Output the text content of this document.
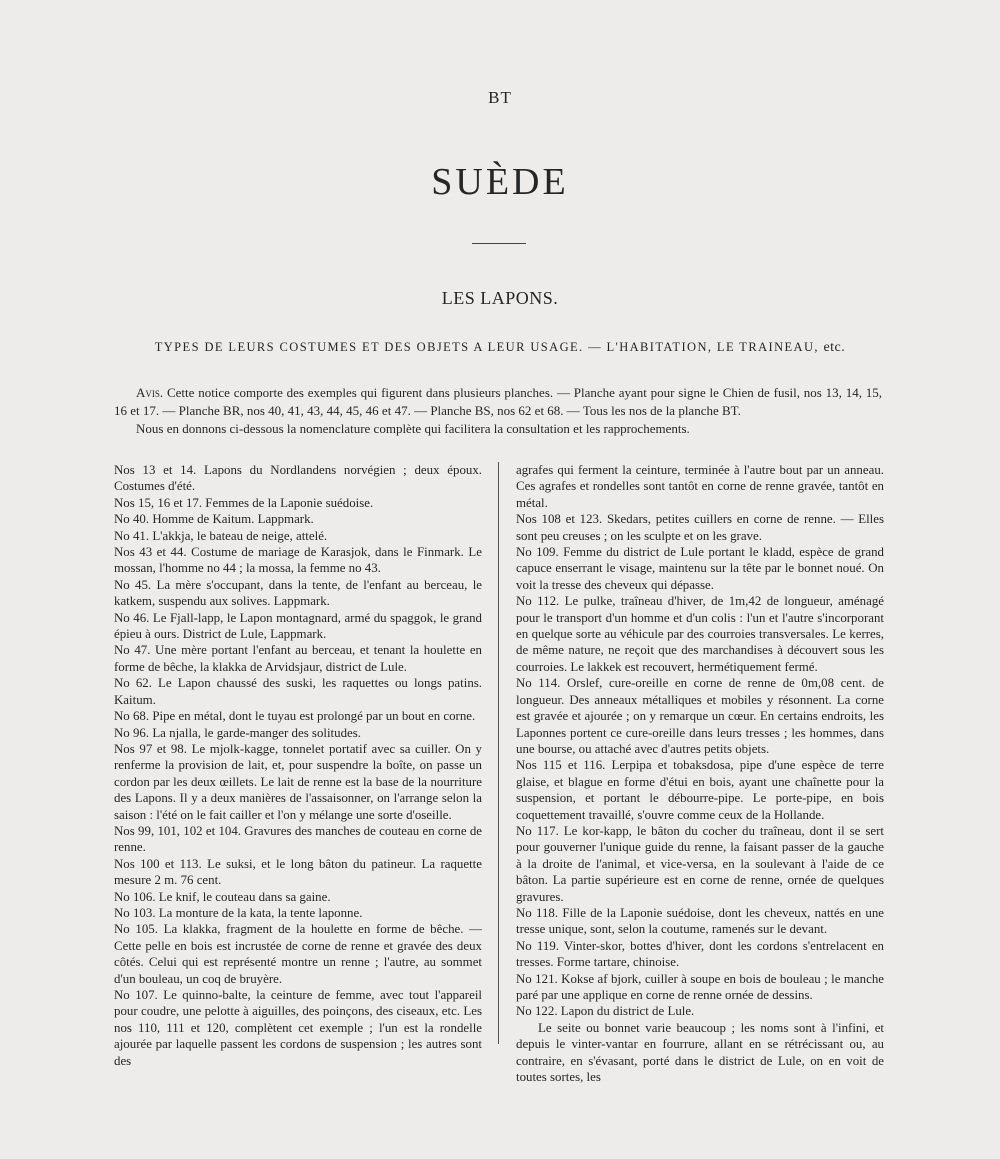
BT
SUÈDE
LES LAPONS.
TYPES DE LEURS COSTUMES ET DES OBJETS A LEUR USAGE. — L'HABITATION, LE TRAINEAU, etc.

Avis. Cette notice comporte des exemples qui figurent dans plusieurs planches. — Planche ayant pour signe le Chien de fusil, nos 13, 14, 15, 16 et 17. — Planche BR, nos 40, 41, 43, 44, 45, 46 et 47. — Planche BS, nos 62 et 68. — Tous les nos de la planche BT.

Nous en donnons ci-dessous la nomenclature complète qui facilitera la consultation et les rapprochements.

Nos 13 et 14. Lapons du Nordlandens norvégien ; deux époux. Costumes d'été.

Nos 15, 16 et 17. Femmes de la Laponie suédoise.

No 40. Homme de Kaitum. Lappmark.

No 41. L'akkja, le bateau de neige, attelé.

Nos 43 et 44. Costume de mariage de Karasjok, dans le Finmark. Le mossan, l'homme no 44 ; la mossa, la femme no 43.

No 45. La mère s'occupant, dans la tente, de l'enfant au berceau, le katkem, suspendu aux solives. Lappmark.

No 46. Le Fjall-lapp, le Lapon montagnard, armé du spaggok, le grand épieu à ours. District de Lule, Lappmark.

No 47. Une mère portant l'enfant au berceau, et tenant la houlette en forme de bêche, la klakka de Arvidsjaur, district de Lule.

No 62. Le Lapon chaussé des suski, les raquettes ou longs patins. Kaitum.

No 68. Pipe en métal, dont le tuyau est prolongé par un bout en corne.

No 96. La njalla, le garde-manger des solitudes.

Nos 97 et 98. Le mjolk-kagge, tonnelet portatif avec sa cuiller. On y renferme la provision de lait, et, pour suspendre la boîte, on passe un cordon par les deux œillets. Le lait de renne est la base de la nourriture des Lapons. Il y a deux manières de l'assaisonner, on l'arrange selon la saison : l'été on le fait cailler et l'on y mélange une sorte d'oseille.

Nos 99, 101, 102 et 104. Gravures des manches de couteau en corne de renne.

Nos 100 et 113. Le suksi, et le long bâton du patineur. La raquette mesure 2 m. 76 cent.

No 106. Le knif, le couteau dans sa gaine.

No 103. La monture de la kata, la tente laponne.

No 105. La klakka, fragment de la houlette en forme de bêche. — Cette pelle en bois est incrustée de corne de renne et gravée des deux côtés. Celui qui est représenté montre un renne ; l'autre, au sommet d'un bouleau, un coq de bruyère.

No 107. Le quinno-balte, la ceinture de femme, avec tout l'appareil pour coudre, une pelotte à aiguilles, des poinçons, des ciseaux, etc. Les nos 110, 111 et 120, complètent cet exemple ; l'un est la rondelle ajourée par laquelle passent les cordons de suspension ; les autres sont des

agrafes qui ferment la ceinture, terminée à l'autre bout par un anneau. Ces agrafes et rondelles sont tantôt en corne de renne gravée, tantôt en métal.

Nos 108 et 123. Skedars, petites cuillers en corne de renne. — Elles sont peu creuses ; on les sculpte et on les grave.

No 109. Femme du district de Lule portant le kladd, espèce de grand capuce enserrant le visage, maintenu sur la tête par le bonnet noué. On voit la tresse des cheveux qui dépasse.

No 112. Le pulke, traîneau d'hiver, de 1m,42 de longueur, aménagé pour le transport d'un homme et d'un colis : l'un et l'autre s'incorporant en quelque sorte au véhicule par des courroies transversales. Le kerres, de même nature, ne reçoit que des marchandises à découvert sous les courroies. Le lakkek est recouvert, hermétiquement fermé.

No 114. Orslef, cure-oreille en corne de renne de 0m,08 cent. de longueur. Des anneaux métalliques et mobiles y résonnent. La corne est gravée et ajourée ; on y remarque un cœur. En certains endroits, les Laponnes portent ce cure-oreille dans leurs tresses ; les hommes, dans une bourse, ou attaché avec d'autres petits objets.

Nos 115 et 116. Lerpipa et tobaksdosa, pipe d'une espèce de terre glaise, et blague en forme d'étui en bois, ayant une chaînette pour la suspension, et portant le débourre-pipe. Le porte-pipe, en bois coquettement travaillé, s'ouvre comme ceux de la Hollande.

No 117. Le kor-kapp, le bâton du cocher du traîneau, dont il se sert pour gouverner l'unique guide du renne, la faisant passer de la gauche à la droite de l'animal, et vice-versa, en la soulevant à l'aide de ce bâton. La partie supérieure est en corne de renne, ornée de quelques gravures.

No 118. Fille de la Laponie suédoise, dont les cheveux, nattés en une tresse unique, sont, selon la coutume, ramenés sur le devant.

No 119. Vinter-skor, bottes d'hiver, dont les cordons s'entrelacent en tresses. Forme tartare, chinoise.

No 121. Kokse af bjork, cuiller à soupe en bois de bouleau ; le manche paré par une applique en corne de renne ornée de dessins.

No 122. Lapon du district de Lule.

Le seite ou bonnet varie beaucoup ; les noms sont à l'infini, et depuis le vinter-vantar en fourrure, allant en se rétrécissant ou, au contraire, en s'évasant, porté dans le district de Lule, on en voit de toutes sortes, les
